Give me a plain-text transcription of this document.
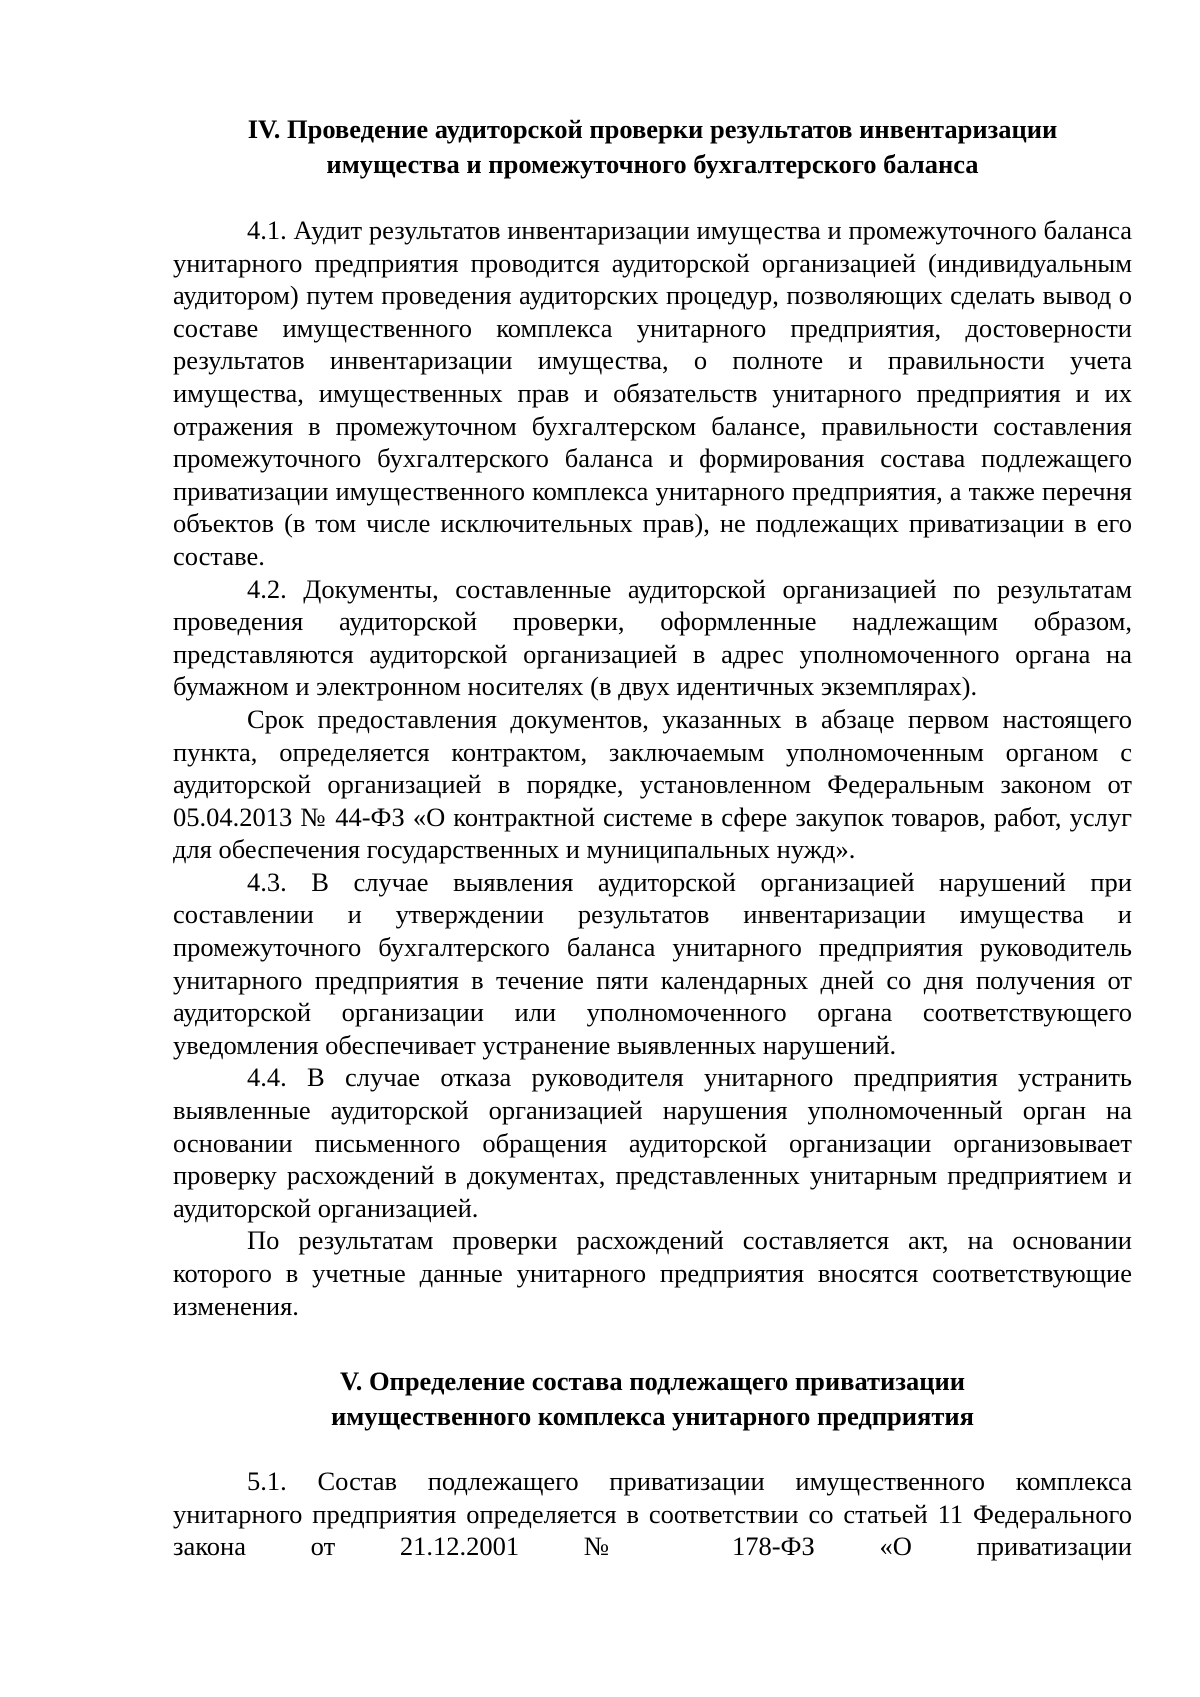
IV. Проведение аудиторской проверки результатов инвентаризации
имущества и промежуточного бухгалтерского баланса

4.1. Аудит результатов инвентаризации имущества и промежуточного баланса унитарного предприятия проводится аудиторской организацией (индивидуальным аудитором) путем проведения аудиторских процедур, позволяющих сделать вывод о составе имущественного комплекса унитарного предприятия, достоверности результатов инвентаризации имущества, о полноте и правильности учета имущества, имущественных прав и обязательств унитарного предприятия и их отражения в промежуточном бухгалтерском балансе, правильности составления промежуточного бухгалтерского баланса и формирования состава подлежащего приватизации имущественного комплекса унитарного предприятия, а также перечня объектов (в том числе исключительных прав), не подлежащих приватизации в его составе.

4.2. Документы, составленные аудиторской организацией по результатам проведения аудиторской проверки, оформленные надлежащим образом, представляются аудиторской организацией в адрес уполномоченного органа на бумажном и электронном носителях (в двух идентичных экземплярах).

Срок предоставления документов, указанных в абзаце первом настоящего пункта, определяется контрактом, заключаемым уполномоченным органом с аудиторской организацией в порядке, установленном Федеральным законом от 05.04.2013 № 44-ФЗ «О контрактной системе в сфере закупок товаров, работ, услуг для обеспечения государственных и муниципальных нужд».

4.3. В случае выявления аудиторской организацией нарушений при составлении и утверждении результатов инвентаризации имущества и промежуточного бухгалтерского баланса унитарного предприятия руководитель унитарного предприятия в течение пяти календарных дней со дня получения от аудиторской организации или уполномоченного органа соответствующего уведомления обеспечивает устранение выявленных нарушений.

4.4. В случае отказа руководителя унитарного предприятия устранить выявленные аудиторской организацией нарушения уполномоченный орган на основании письменного обращения аудиторской организации организовывает проверку расхождений в документах, представленных унитарным предприятием и аудиторской организацией.

По результатам проверки расхождений составляется акт, на основании которого в учетные данные унитарного предприятия вносятся соответствующие изменения.

V. Определение состава подлежащего приватизации
имущественного комплекса унитарного предприятия

5.1. Состав подлежащего приватизации имущественного комплекса унитарного предприятия определяется в соответствии со статьей 11 Федерального закона от 21.12.2001 № 178-ФЗ «О приватизации
